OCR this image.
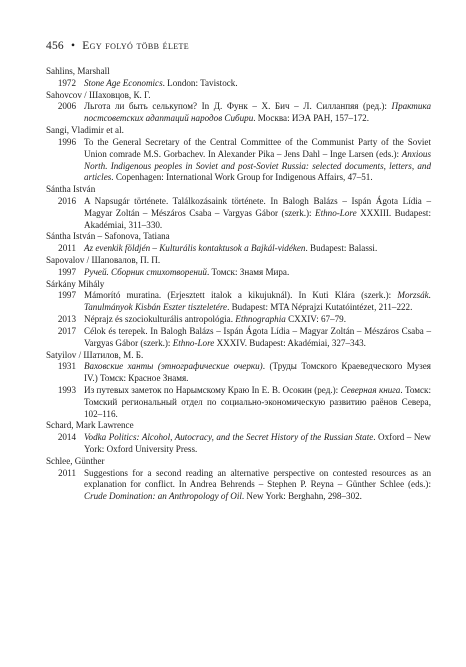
456 • Egy folyó több élete
Sahlins, Marshall
1972 Stone Age Economics. London: Tavistock.
Sahovcov / Шаховцов, К. Г.
2006 Льгота ли быть селькупом? In Д. Функ – Х. Бич – Л. Силланпяя (ред.): Практика постсоветских адаптаций народов Сибири. Москва: ИЭА РАН, 157–172.
Sangi, Vladimir et al.
1996 To the General Secretary of the Central Committee of the Communist Party of the Soviet Union comrade M.S. Gorbachev. In Alexander Pika – Jens Dahl – Inge Larsen (eds.): Anxious North. Indigenous peoples in Soviet and post-Soviet Russia: selected documents, letters, and articles. Copenhagen: International Work Group for Indigenous Affairs, 47–51.
Sántha István
2016 A Napsugár története. Találkozásaink története. In Balogh Balázs – Ispán Ágota Lídia – Magyar Zoltán – Mészáros Csaba – Vargyas Gábor (szerk.): Ethno-Lore XXXIII. Budapest: Akadémiai, 311–330.
Sántha István – Safonova, Tatiana
2011 Az evenkik földjén – Kulturális kontaktusok a Bajkál-vidéken. Budapest: Balassi.
Sapovalov / Шаповалов, П. П.
1997 Ручей. Сборник стихотворений. Томск: Знамя Мира.
Sárkány Mihály
1997 Mámorító muratina. (Erjesztett italok a kikujuknál). In Kuti Klára (szerk.): Morzsák. Tanulmányok Kisbán Eszter tiszteletére. Budapest: MTA Néprajzi Kutatóintézet, 211–222.
2013 Néprajz és szociokulturális antropológia. Ethnographia CXXIV: 67–79.
2017 Célok és terepek. In Balogh Balázs – Ispán Ágota Lídia – Magyar Zoltán – Mészáros Csaba – Vargyas Gábor (szerk.): Ethno-Lore XXXIV. Budapest: Akadémiai, 327–343.
Satyilov / Шатилов, М. Б.
1931 Ваховские ханты (этнографические очерки). (Труды Томского Краеведческого Музея IV.) Томск: Красное Знамя.
1993 Из путевых заметок по Нарымскому Краю In Е. В. Осокин (ред.): Северная книга. Томск: Томский региональный отдел по социально-экономическую развитию раёнов Севера, 102–116.
Schard, Mark Lawrence
2014 Vodka Politics: Alcohol, Autocracy, and the Secret History of the Russian State. Oxford – New York: Oxford University Press.
Schlee, Günther
2011 Suggestions for a second reading an alternative perspective on contested resources as an explanation for conflict. In Andrea Behrends – Stephen P. Reyna – Günther Schlee (eds.): Crude Domination: an Anthropology of Oil. New York: Berghahn, 298–302.
